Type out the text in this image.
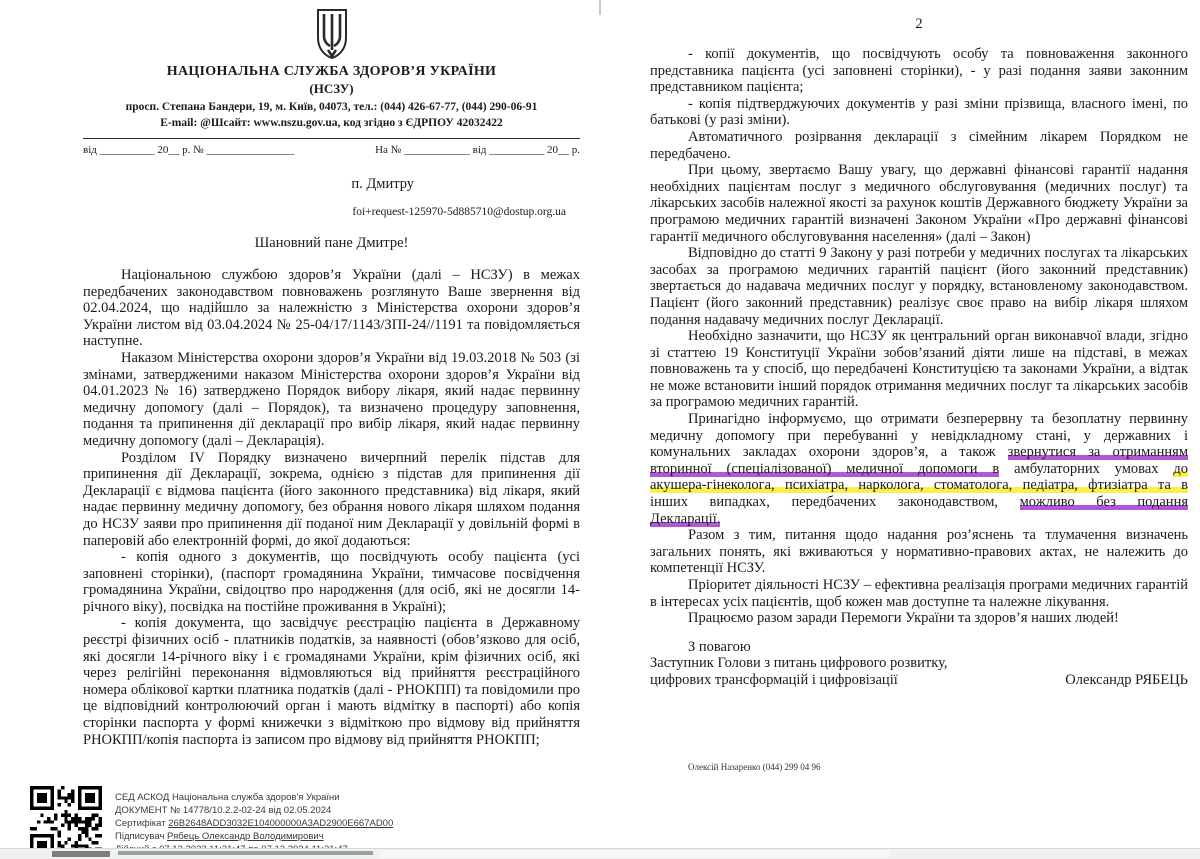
НАЦІОНАЛЬНА СЛУЖБА ЗДОРОВ’Я УКРАЇНИ
(НСЗУ)
просп. Степана Бандери, 19, м. Київ, 04073, тел.: (044) 426-67-77, (044) 290-06-91
E-mail: @Шсайт: www.nszu.gov.ua, код згідно з ЄДРПОУ 42032422
від __________ 20__ р. № ________________	На № ____________ від __________ 20__ р.
п. Дмитру
foi+request-125970-5d885710@dostup.org.ua
Шановний пане Дмитре!

Національною службою здоров’я України (далі – НСЗУ) в межах передбачених законодавством повноважень розглянуто Ваше звернення від 02.04.2024, що надійшло за належністю з Міністерства охорони здоров’я України листом від 03.04.2024 № 25-04/17/1143/ЗПІ-24//1191 та повідомляється наступне.

Наказом Міністерства охорони здоров’я України від 19.03.2018 № 503 (зі змінами, затвердженими наказом Міністерства охорони здоров’я України від 04.01.2023 № 16) затверджено Порядок вибору лікаря, який надає первинну медичну допомогу (далі – Порядок), та визначено процедуру заповнення, подання та припинення дії декларації про вибір лікаря, який надає первинну медичну допомогу (далі – Декларація).

Розділом IV Порядку визначено вичерпний перелік підстав для припинення дії Декларації, зокрема, однією з підстав для припинення дії Декларації є відмова пацієнта (його законного представника) від лікаря, який надає первинну медичну допомогу, без обрання нового лікаря шляхом подання до НСЗУ заяви про припинення дії поданої ним Декларації у довільній формі в паперовій або електронній формі, до якої додаються:

- копія одного з документів, що посвідчують особу пацієнта (усі заповнені сторінки), (паспорт громадянина України, тимчасове посвідчення громадянина України, свідоцтво про народження (для осіб, які не досягли 14-річного віку), посвідка на постійне проживання в Україні);

- копія документа, що засвідчує реєстрацію пацієнта в Державному реєстрі фізичних осіб - платників податків, за наявності (обов’язково для осіб, які досягли 14-річного віку і є громадянами України, крім фізичних осіб, які через релігійні переконання відмовляються від прийняття реєстраційного номера облікової картки платника податків (далі - РНОКПП) та повідомили про це відповідний контролюючий орган і мають відмітку в паспорті) або копія сторінки паспорта у формі книжечки з відміткою про відмову від прийняття РНОКПП/копія паспорта із записом про відмову від прийняття РНОКПП;

СЕД АСКОД Національна служба здоров'я України
ДОКУМЕНТ № 14778/10.2.2-02-24 від 02.05.2024
Сертифікат 26B2648ADD3032E104000000A3AD2900E667AD00
Підписувач Рябець Олександр Володимирович
2

- копії документів, що посвідчують особу та повноваження законного представника пацієнта (усі заповнені сторінки), - у разі подання заяви законним представником пацієнта;

- копія підтверджуючих документів у разі зміни прізвища, власного імені, по батькові (у разі зміни).

Автоматичного розірвання декларації з сімейним лікарем Порядком не передбачено.

При цьому, звертаємо Вашу увагу, що державні фінансові гарантії надання необхідних пацієнтам послуг з медичного обслуговування (медичних послуг) та лікарських засобів належної якості за рахунок коштів Державного бюджету України за програмою медичних гарантій визначені Законом України «Про державні фінансові гарантії медичного обслуговування населення» (далі – Закон)

Відповідно до статті 9 Закону у разі потреби у медичних послугах та лікарських засобах за програмою медичних гарантій пацієнт (його законний представник) звертається до надавача медичних послуг у порядку, встановленому законодавством. Пацієнт (його законний представник) реалізує своє право на вибір лікаря шляхом подання надавачу медичних послуг Декларації.

Необхідно зазначити, що НСЗУ як центральний орган виконавчої влади, згідно зі статтею 19 Конституції України зобов’язаний діяти лише на підставі, в межах повноважень та у спосіб, що передбачені Конституцією та законами України, а відтак не може встановити інший порядок отримання медичних послуг та лікарських засобів за програмою медичних гарантій.

Принагідно інформуємо, що отримати безперервну та безоплатну первинну
медичну допомогу при перебуванні у невідкладному стані, у державних і
комунальних закладах охорони здоров’я, а також звернутися за отриманням
вторинної (спеціалізованої) медичної допомоги в амбулаторних умовах до
акушера-гінеколога, психіатра, нарколога, стоматолога, педіатра, фтизіатра та в
інших випадках, передбачених законодавством, можливо без подання
Декларації.

Разом з тим, питання щодо надання роз’яснень та тлумачення визначень загальних понять, які вживаються у нормативно-правових актах, не належить до компетенції НСЗУ.

Пріоритет діяльності НСЗУ – ефективна реалізація програми медичних гарантій в інтересах усіх пацієнтів, щоб кожен мав доступне та належне лікування.

Працюємо разом заради Перемоги України та здоров’я наших людей!

З повагою
Заступник Голови з питань цифрового розвитку,
цифрових трансформацій і цифровізації	Олександр РЯБЕЦЬ
Олексій Назаренко (044) 299 04 96
